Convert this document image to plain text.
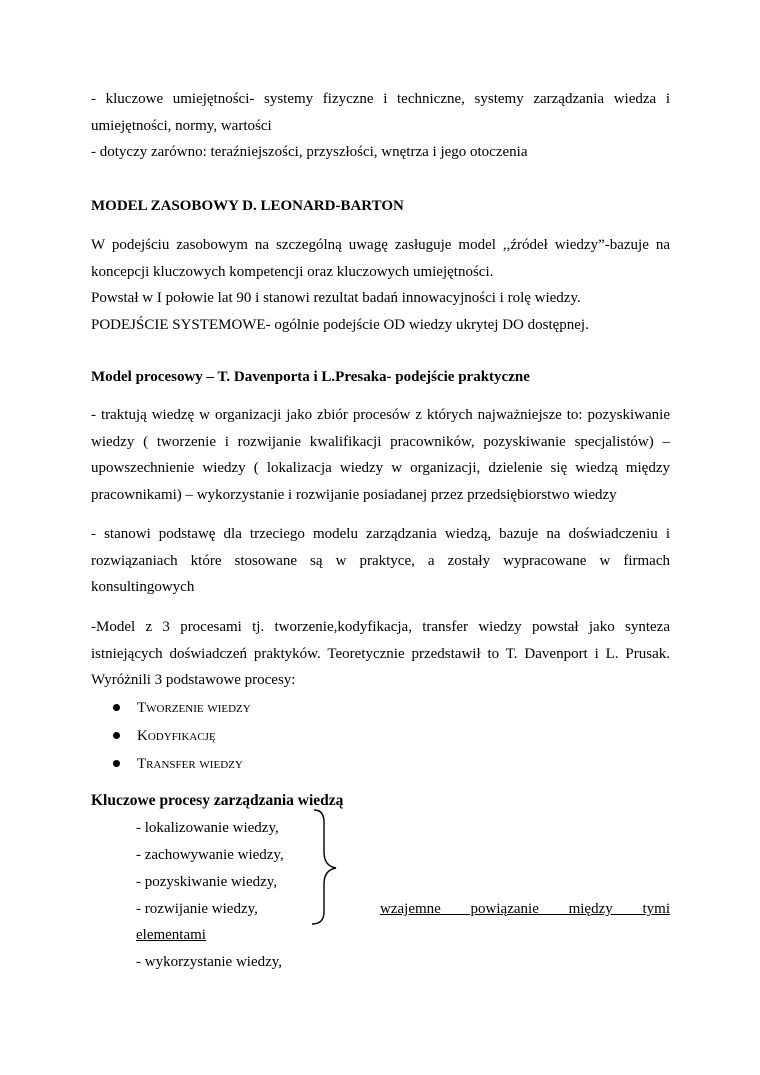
- kluczowe umiejętności- systemy fizyczne i techniczne, systemy zarządzania wiedza i
umiejętności, normy, wartości
- dotyczy zarówno: teraźniejszości, przyszłości, wnętrza i jego otoczenia

MODEL ZASOBOWY D. LEONARD-BARTON

W podejściu zasobowym na szczególną uwagę zasługuje model ,,źródeł wiedzy”-bazuje na
koncepcji kluczowych kompetencji oraz kluczowych umiejętności.
Powstał w I połowie lat 90 i stanowi rezultat badań innowacyjności i rolę wiedzy.
PODEJŚCIE SYSTEMOWE- ogólnie podejście OD wiedzy ukrytej DO dostępnej.

Model procesowy – T. Davenporta i L.Presaka- podejście praktyczne

- traktują wiedzę w organizacji jako zbiór procesów z których najważniejsze to: pozyskiwanie
wiedzy ( tworzenie i rozwijanie kwalifikacji pracowników, pozyskiwanie specjalistów) –
upowszechnienie wiedzy ( lokalizacja wiedzy w organizacji, dzielenie się wiedzą między
pracownikami) – wykorzystanie i rozwijanie posiadanej przez przedsiębiorstwo wiedzy

- stanowi podstawę dla trzeciego modelu zarządzania wiedzą, bazuje na doświadczeniu i
rozwiązaniach które stosowane są w praktyce, a zostały wypracowane w firmach
konsultingowych

-Model z 3 procesami tj. tworzenie,kodyfikacja, transfer wiedzy powstał jako synteza
istniejących doświadczeń praktyków. Teoretycznie przedstawił to T. Davenport i L. Prusak.
Wyróżnili 3 podstawowe procesy:

Tworzenie wiedzy
Kodyfikację
Transfer wiedzy

Kluczowe procesy zarządzania wiedzą

- lokalizowanie wiedzy,
- zachowywanie wiedzy,
- pozyskiwanie wiedzy,
- rozwijanie wiedzy,
- wykorzystanie wiedzy,
wzajemne powiązanie między tymi
elementami
